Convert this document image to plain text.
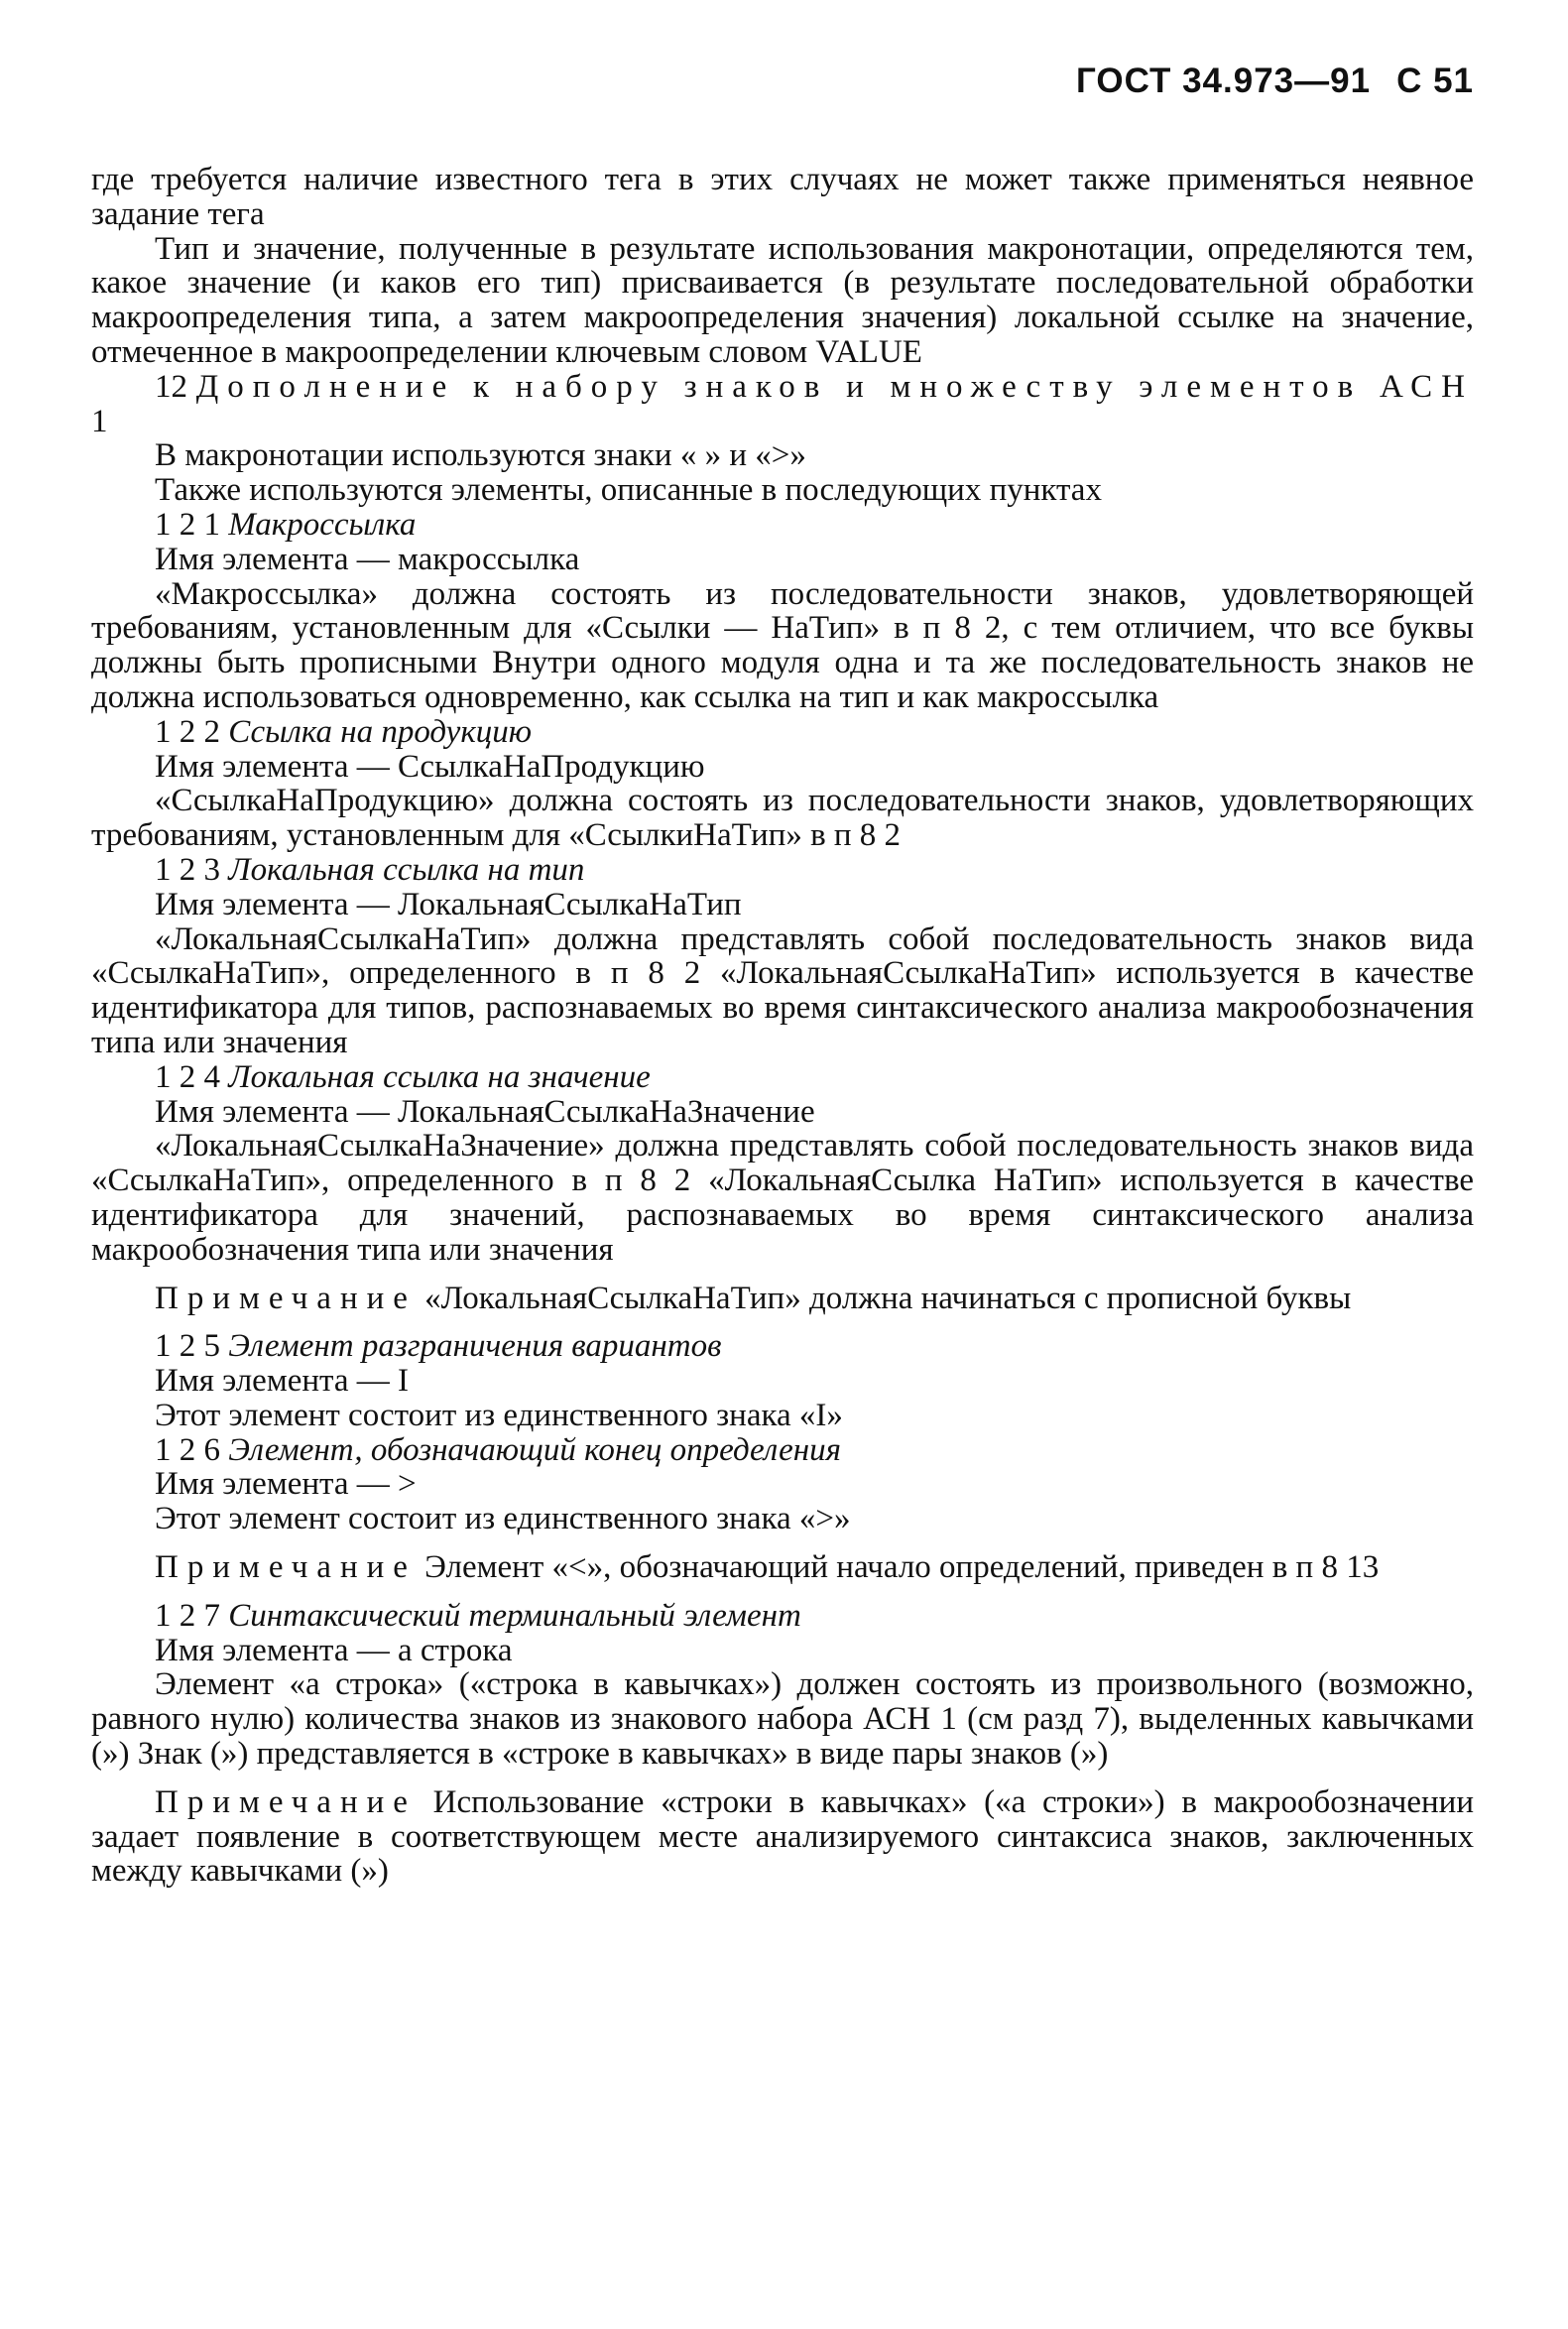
ГОСТ 34.973—91 С 51

где требуется наличие известного тега в этих случаях не может также применяться неявное задание тега

Тип и значение, полученные в результате использования макронотации, определяются тем, какое значение (и каков его тип) присваивается (в результате последовательной обработки макроопределения типа, а затем макроопределения значения) локальной ссылке на значение, отмеченное в макроопределении ключевым словом VALUE

12 Дополнение к набору знаков и множеству элементов АСН 1

В макронотации используются знаки « » и «>»

Также используются элементы, описанные в последующих пунктах

1 2 1 Макроссылка

Имя элемента — макроссылка

«Макроссылка» должна состоять из последовательности знаков, удовлетворяющей требованиям, установленным для «Ссылки — НаТип» в п 8 2, с тем отличием, что все буквы должны быть прописными Внутри одного модуля одна и та же последовательность знаков не должна использоваться одновременно, как ссылка на тип и как макроссылка

1 2 2 Ссылка на продукцию

Имя элемента — СсылкаНаПродукцию

«СсылкаНаПродукцию» должна состоять из последовательности знаков, удовлетворяющих требованиям, установленным для «СсылкиНаТип» в п 8 2

1 2 3 Локальная ссылка на тип

Имя элемента — ЛокальнаяСсылкаНаТип

«ЛокальнаяСсылкаНаТип» должна представлять собой последовательность знаков вида «СсылкаНаТип», определенного в п 8 2 «ЛокальнаяСсылкаНаТип» используется в качестве идентификатора для типов, распознаваемых во время синтаксического анализа макрообозначения типа или значения

1 2 4 Локальная ссылка на значение

Имя элемента — ЛокальнаяСсылкаНаЗначение

«ЛокальнаяСсылкаНаЗначение» должна представлять собой последовательность знаков вида «СсылкаНаТип», определенного в п 8 2 «ЛокальнаяСсылка НаТип» используется в качестве идентификатора для значений, распознаваемых во время синтаксического анализа макрообозначения типа или значения

Примечание «ЛокальнаяСсылкаНаТип» должна начинаться с прописной буквы

1 2 5 Элемент разграничения вариантов

Имя элемента — I

Этот элемент состоит из единственного знака «I»

1 2 6 Элемент, обозначающий конец определения

Имя элемента — >

Этот элемент состоит из единственного знака «>»

Примечание Элемент «<», обозначающий начало определений, приведен в п 8 13

1 2 7 Синтаксический терминальный элемент

Имя элемента — а строка

Элемент «а строка» («строка в кавычках») должен состоять из произвольного (возможно, равного нулю) количества знаков из знакового набора АСН 1 (см разд 7), выделенных кавычками (») Знак (») представляется в «строке в кавычках» в виде пары знаков (»)

Примечание Использование «строки в кавычках» («а строки») в макрообозначении задает появление в соответствующем месте анализируемого синтаксиса знаков, заключенных между кавычками (»)
